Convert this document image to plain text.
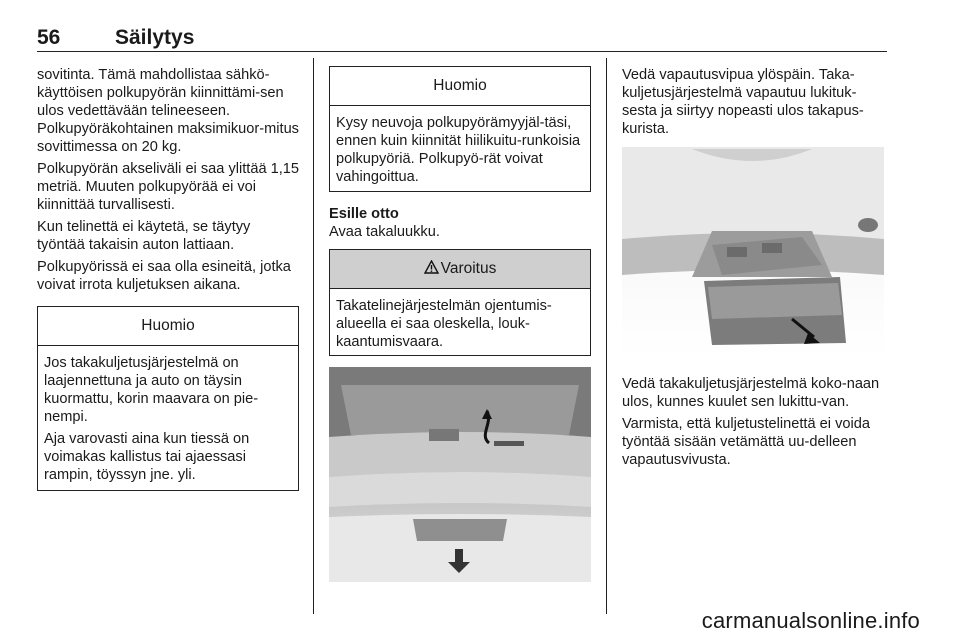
56	Säilytys

sovitinta. Tämä mahdollistaa sähkö-käyttöisen polkupyörän kiinnittämi-sen ulos vedettävään telineeseen. Polkupyöräkohtainen maksimikuor-mitus sovittimessa on 20 kg.

Polkupyörän akseliväli ei saa ylittää 1,15 metriä. Muuten polkupyörää ei voi kiinnittää turvallisesti.

Kun telinettä ei käytetä, se täytyy työntää takaisin auton lattiaan.

Polkupyörissä ei saa olla esineitä, jotka voivat irrota kuljetuksen aikana.

Huomio

Jos takakuljetusjärjestelmä on laajennettuna ja auto on täysin kuormattu, korin maavara on pie-nempi.

Aja varovasti aina kun tiessä on voimakas kallistus tai ajaessasi rampin, töyssyn jne. yli.

Huomio
Kysy neuvoja polkupyörämyyjäl-täsi, ennen kuin kiinnität hiilikuitu-runkoisia polkupyöriä. Polkupyö-rät voivat vahingoittua.
Esille otto
Avaa takaluukku.
Varoitus
Takatelinejärjestelmän ojentumis-alueella ei saa oleskella, louk-kaantumisvaara.

Vedä vapautusvipua ylöspäin. Taka-kuljetusjärjestelmä vapautuu lukituk-sesta ja siirtyy nopeasti ulos takapus-kurista.

Vedä takakuljetusjärjestelmä koko-naan ulos, kunnes kuulet sen lukittu-van.

Varmista, että kuljetustelinettä ei voida työntää sisään vetämättä uu-delleen vapautusvivusta.

carmanualsonline.info
